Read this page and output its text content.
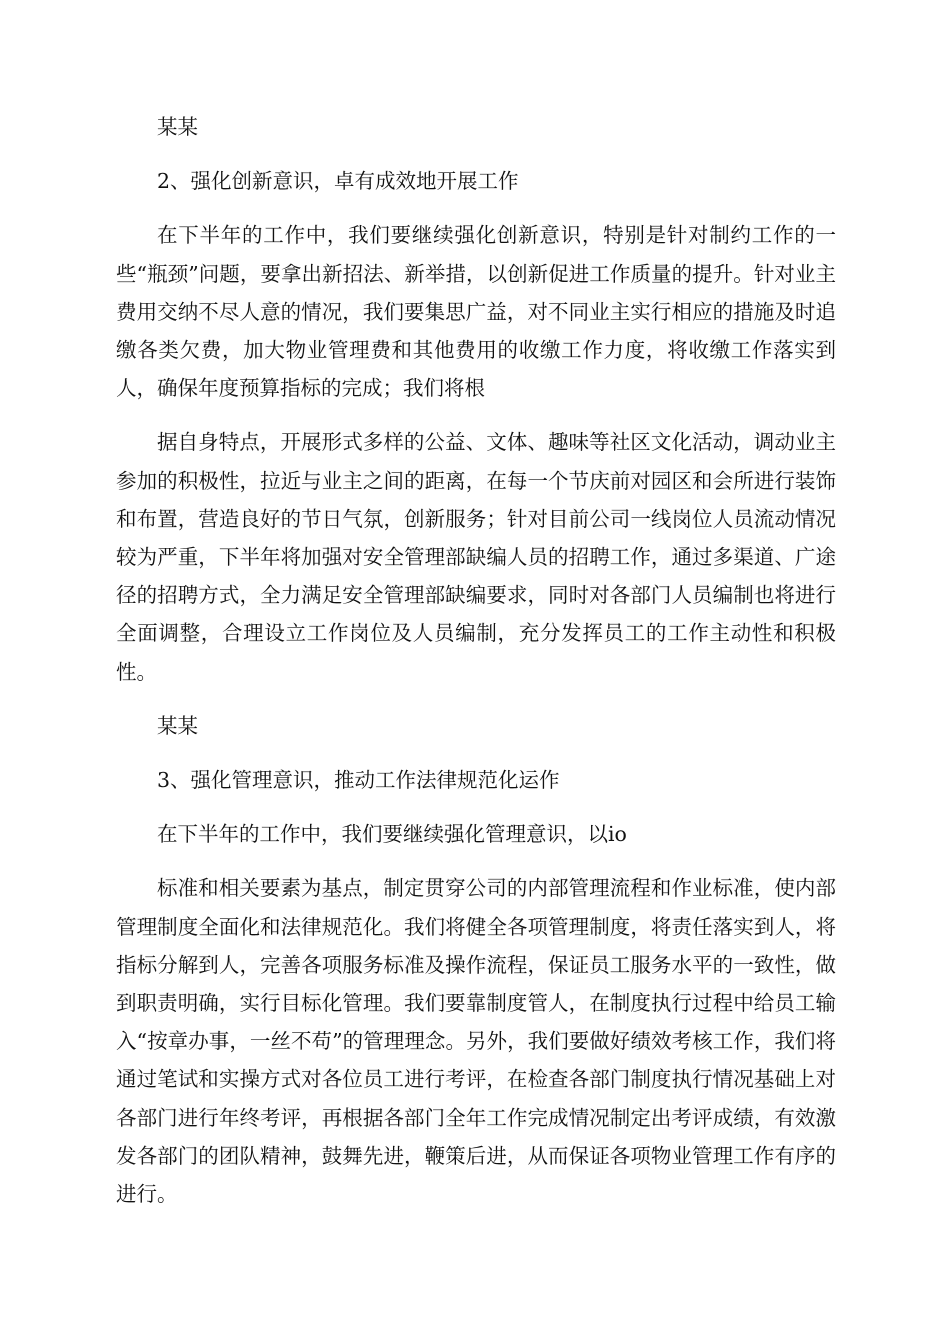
某某

2、强化创新意识，卓有成效地开展工作

在下半年的工作中，我们要继续强化创新意识，特别是针对制约工作的一些“瓶颈”问题，要拿出新招法、新举措，以创新促进工作质量的提升。针对业主费用交纳不尽人意的情况，我们要集思广益，对不同业主实行相应的措施及时追缴各类欠费，加大物业管理费和其他费用的收缴工作力度，将收缴工作落实到人，确保年度预算指标的完成；我们将根

据自身特点，开展形式多样的公益、文体、趣味等社区文化活动，调动业主参加的积极性，拉近与业主之间的距离，在每一个节庆前对园区和会所进行装饰和布置，营造良好的节日气氛，创新服务；针对目前公司一线岗位人员流动情况较为严重，下半年将加强对安全管理部缺编人员的招聘工作，通过多渠道、广途径的招聘方式，全力满足安全管理部缺编要求，同时对各部门人员编制也将进行全面调整，合理设立工作岗位及人员编制，充分发挥员工的工作主动性和积极性。

某某

3、强化管理意识，推动工作法律规范化运作

在下半年的工作中，我们要继续强化管理意识，以io

标准和相关要素为基点，制定贯穿公司的内部管理流程和作业标准，使内部管理制度全面化和法律规范化。我们将健全各项管理制度，将责任落实到人，将指标分解到人，完善各项服务标准及操作流程，保证员工服务水平的一致性，做到职责明确，实行目标化管理。我们要靠制度管人，在制度执行过程中给员工输入“按章办事，一丝不苟”的管理理念。另外，我们要做好绩效考核工作，我们将通过笔试和实操方式对各位员工进行考评，在检查各部门制度执行情况基础上对各部门进行年终考评，再根据各部门全年工作完成情况制定出考评成绩，有效激发各部门的团队精神，鼓舞先进，鞭策后进，从而保证各项物业管理工作有序的进行。
